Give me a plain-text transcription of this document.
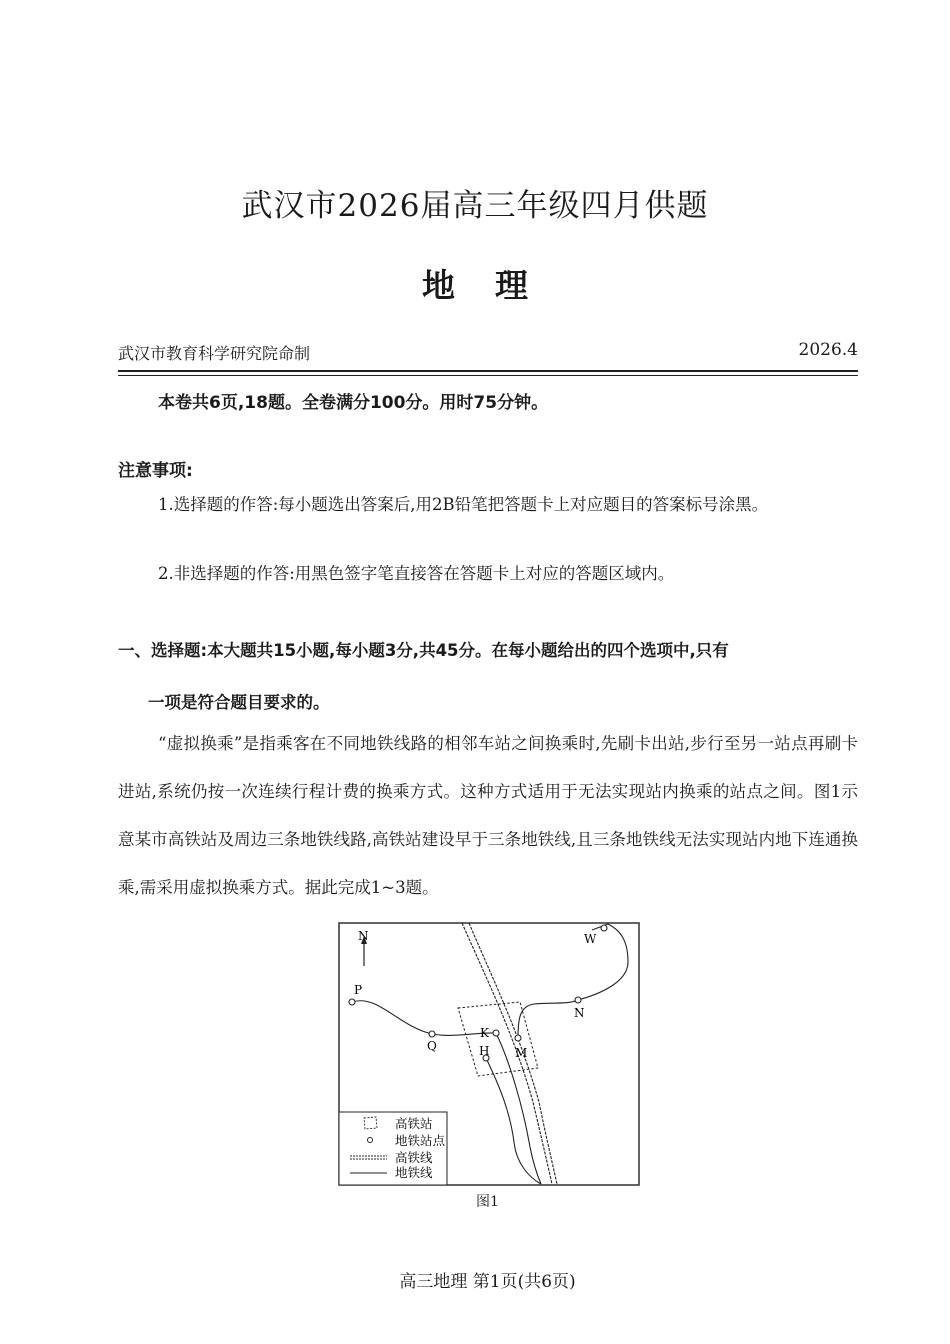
武汉市2026届高三年级四月供题
地理
武汉市教育科学研究院命制	2026.4
本卷共6页,18题。全卷满分100分。用时75分钟。
注意事项:
1.选择题的作答:每小题选出答案后,用2B铅笔把答题卡上对应题目的答案标号涂黑。
2.非选择题的作答:用黑色签字笔直接答在答题卡上对应的答题区域内。
一、选择题:本大题共15小题,每小题3分,共45分。在每小题给出的四个选项中,只有
一项是符合题目要求的。
“虚拟换乘”是指乘客在不同地铁线路的相邻车站之间换乘时,先刷卡出站,步行至另一站点再刷卡进站,系统仍按一次连续行程计费的换乘方式。这种方式适用于无法实现站内换乘的站点之间。图1示意某市高铁站及周边三条地铁线路,高铁站建设早于三条地铁线,且三条地铁线无法实现站内地下连通换乘,需采用虚拟换乘方式。据此完成1~3题。
N
P
Q
K
H M
N
W
高铁站
地铁站点
高铁线
地铁线
图1
高三地理 第1页(共6页)
